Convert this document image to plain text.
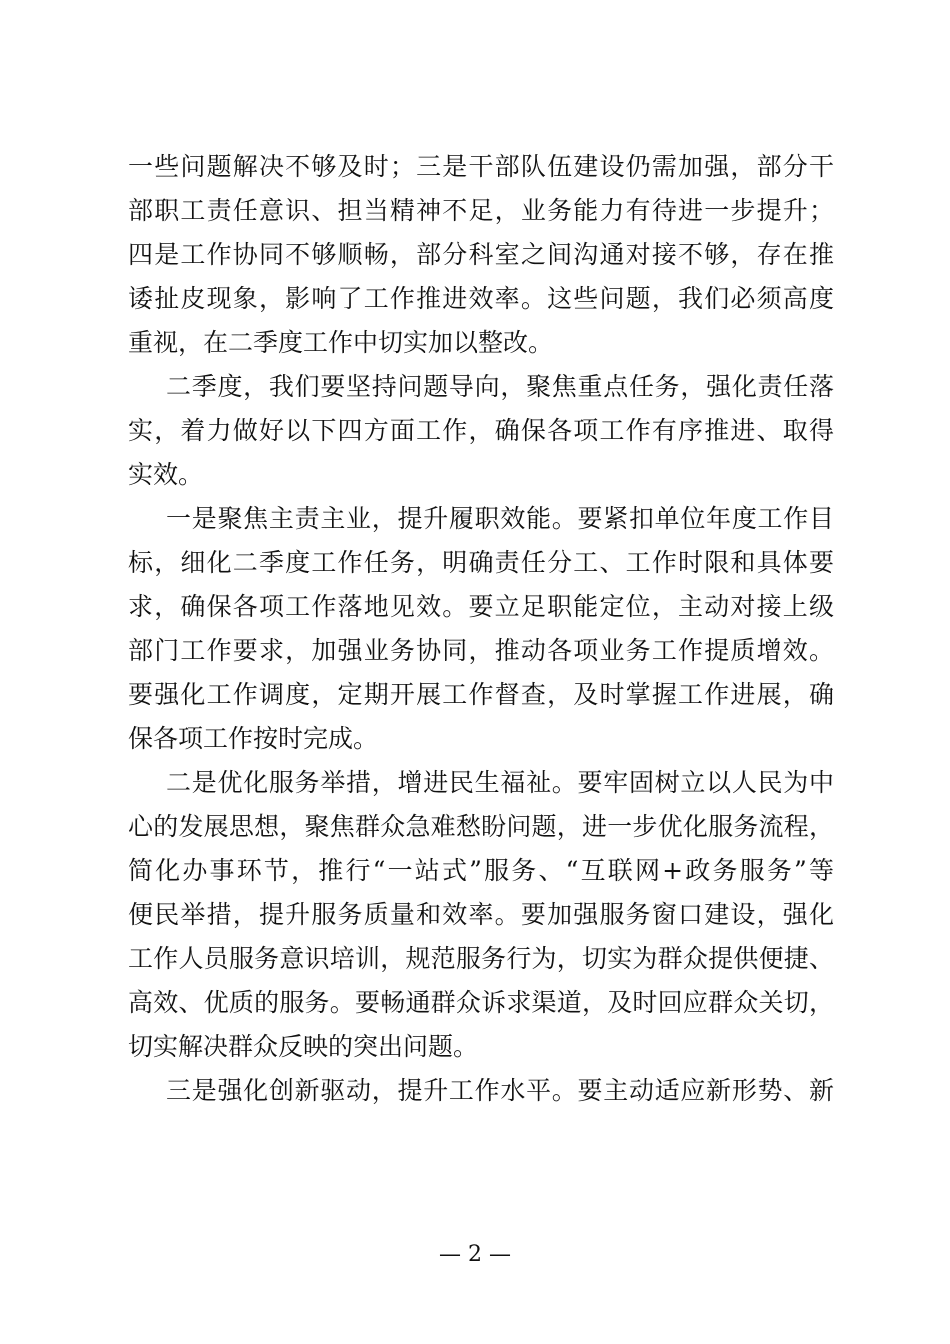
一些问题解决不够及时；三是干部队伍建设仍需加强，部分干
部职工责任意识、担当精神不足，业务能力有待进一步提升；
四是工作协同不够顺畅，部分科室之间沟通对接不够，存在推
诿扯皮现象，影响了工作推进效率。这些问题，我们必须高度
重视，在二季度工作中切实加以整改。
二季度，我们要坚持问题导向，聚焦重点任务，强化责任落
实，着力做好以下四方面工作，确保各项工作有序推进、取得
实效。
一是聚焦主责主业，提升履职效能。要紧扣单位年度工作目
标，细化二季度工作任务，明确责任分工、工作时限和具体要
求，确保各项工作落地见效。要立足职能定位，主动对接上级
部门工作要求，加强业务协同，推动各项业务工作提质增效。
要强化工作调度，定期开展工作督查，及时掌握工作进展，确
保各项工作按时完成。
二是优化服务举措，增进民生福祉。要牢固树立以人民为中
心的发展思想，聚焦群众急难愁盼问题，进一步优化服务流程，
简化办事环节，推行“一站式”服务、“互联网+政务服务”等
便民举措，提升服务质量和效率。要加强服务窗口建设，强化
工作人员服务意识培训，规范服务行为，切实为群众提供便捷、
高效、优质的服务。要畅通群众诉求渠道，及时回应群众关切，
切实解决群众反映的突出问题。
三是强化创新驱动，提升工作水平。要主动适应新形势、新
— 2 —
